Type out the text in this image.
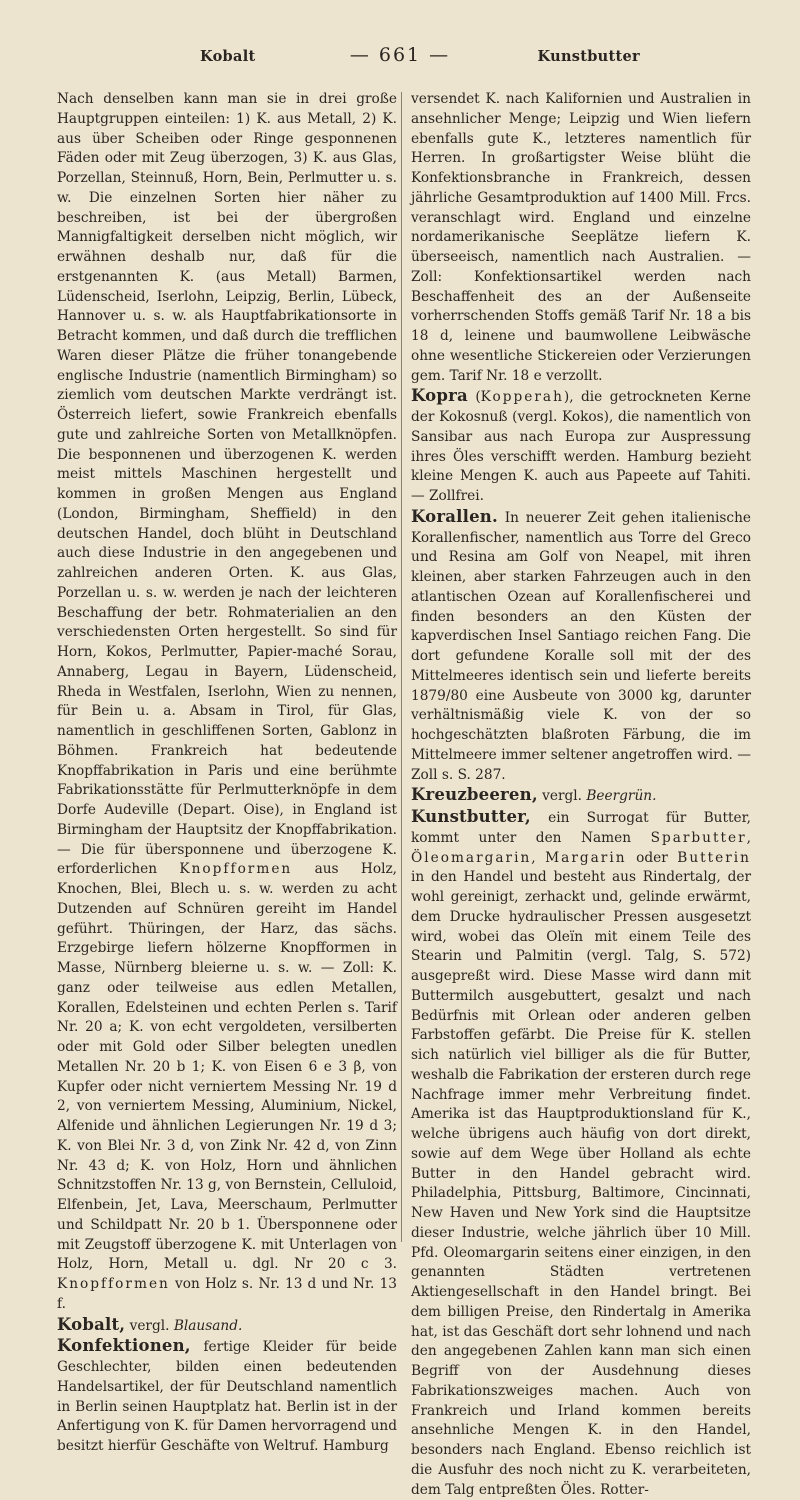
Kobalt	— 661 —	Kunstbutter

Nach denselben kann man sie in drei große Hauptgruppen einteilen: 1) K. aus Metall, 2) K. aus über Scheiben oder Ringe gesponnenen Fäden oder mit Zeug überzogen, 3) K. aus Glas, Porzellan, Steinnuß, Horn, Bein, Perlmutter u. s. w. Die einzelnen Sorten hier näher zu beschreiben, ist bei der übergroßen Mannigfaltigkeit derselben nicht möglich, wir erwähnen deshalb nur, daß für die erstgenannten K. (aus Metall) Barmen, Lüdenscheid, Iserlohn, Leipzig, Berlin, Lübeck, Hannover u. s. w. als Hauptfabrikationsorte in Betracht kommen, und daß durch die trefflichen Waren dieser Plätze die früher tonangebende englische Industrie (namentlich Birmingham) so ziemlich vom deutschen Markte verdrängt ist. Österreich liefert, sowie Frankreich ebenfalls gute und zahlreiche Sorten von Metallknöpfen. Die besponnenen und überzogenen K. werden meist mittels Maschinen hergestellt und kommen in großen Mengen aus England (London, Birmingham, Sheffield) in den deutschen Handel, doch blüht in Deutschland auch diese Industrie in den angegebenen und zahlreichen anderen Orten. K. aus Glas, Porzellan u. s. w. werden je nach der leichteren Beschaffung der betr. Rohmaterialien an den verschiedensten Orten hergestellt. So sind für Horn, Kokos, Perlmutter, Papier-maché Sorau, Annaberg, Legau in Bayern, Lüdenscheid, Rheda in Westfalen, Iserlohn, Wien zu nennen, für Bein u. a. Absam in Tirol, für Glas, namentlich in geschliffenen Sorten, Gablonz in Böhmen. Frankreich hat bedeutende Knopffabrikation in Paris und eine berühmte Fabrikationsstätte für Perlmutterknöpfe in dem Dorfe Audeville (Depart. Oise), in England ist Birmingham der Hauptsitz der Knopffabrikation. — Die für übersponnene und überzogene K. erforderlichen Knopfformen aus Holz, Knochen, Blei, Blech u. s. w. werden zu acht Dutzenden auf Schnüren gereiht im Handel geführt. Thüringen, der Harz, das sächs. Erzgebirge liefern hölzerne Knopfformen in Masse, Nürnberg bleierne u. s. w. — Zoll: K. ganz oder teilweise aus edlen Metallen, Korallen, Edelsteinen und echten Perlen s. Tarif Nr. 20 a; K. von echt vergoldeten, versilberten oder mit Gold oder Silber belegten unedlen Metallen Nr. 20 b 1; K. von Eisen 6 e 3 β, von Kupfer oder nicht verniertem Messing Nr. 19 d 2, von verniertem Messing, Aluminium, Nickel, Alfenide und ähnlichen Legierungen Nr. 19 d 3; K. von Blei Nr. 3 d, von Zink Nr. 42 d, von Zinn Nr. 43 d; K. von Holz, Horn und ähnlichen Schnitzstoffen Nr. 13 g, von Bernstein, Celluloid, Elfenbein, Jet, Lava, Meerschaum, Perlmutter und Schildpatt Nr. 20 b 1. Übersponnene oder mit Zeugstoff überzogene K. mit Unterlagen von Holz, Horn, Metall u. dgl. Nr 20 c 3. Knopfformen von Holz s. Nr. 13 d und Nr. 13 f.

Kobalt, vergl. Blausand.

Konfektionen, fertige Kleider für beide Geschlechter, bilden einen bedeutenden Handelsartikel, der für Deutschland namentlich in Berlin seinen Hauptplatz hat. Berlin ist in der Anfertigung von K. für Damen hervorragend und besitzt hierfür Geschäfte von Weltruf. Hamburg

versendet K. nach Kalifornien und Australien in ansehnlicher Menge; Leipzig und Wien liefern ebenfalls gute K., letzteres namentlich für Herren. In großartigster Weise blüht die Konfektionsbranche in Frankreich, dessen jährliche Gesamtproduktion auf 1400 Mill. Frcs. veranschlagt wird. England und einzelne nordamerikanische Seeplätze liefern K. überseeisch, namentlich nach Australien. — Zoll: Konfektionsartikel werden nach Beschaffenheit des an der Außenseite vorherrschenden Stoffs gemäß Tarif Nr. 18 a bis 18 d, leinene und baumwollene Leibwäsche ohne wesentliche Stickereien oder Verzierungen gem. Tarif Nr. 18 e verzollt.

Kopra (Kopperah), die getrockneten Kerne der Kokosnuß (vergl. Kokos), die namentlich von Sansibar aus nach Europa zur Auspressung ihres Öles verschifft werden. Hamburg bezieht kleine Mengen K. auch aus Papeete auf Tahiti. — Zollfrei.

Korallen. In neuerer Zeit gehen italienische Korallenfischer, namentlich aus Torre del Greco und Resina am Golf von Neapel, mit ihren kleinen, aber starken Fahrzeugen auch in den atlantischen Ozean auf Korallenfischerei und finden besonders an den Küsten der kapverdischen Insel Santiago reichen Fang. Die dort gefundene Koralle soll mit der des Mittelmeeres identisch sein und lieferte bereits 1879/80 eine Ausbeute von 3000 kg, darunter verhältnismäßig viele K. von der so hochgeschätzten blaßroten Färbung, die im Mittelmeere immer seltener angetroffen wird. — Zoll s. S. 287.

Kreuzbeeren, vergl. Beergrün.

Kunstbutter, ein Surrogat für Butter, kommt unter den Namen Sparbutter, Öleomargarin, Margarin oder Butterin in den Handel und besteht aus Rindertalg, der wohl gereinigt, zerhackt und, gelinde erwärmt, dem Drucke hydraulischer Pressen ausgesetzt wird, wobei das Oleïn mit einem Teile des Stearin und Palmitin (vergl. Talg, S. 572) ausgepreßt wird. Diese Masse wird dann mit Buttermilch ausgebuttert, gesalzt und nach Bedürfnis mit Orlean oder anderen gelben Farbstoffen gefärbt. Die Preise für K. stellen sich natürlich viel billiger als die für Butter, weshalb die Fabrikation der ersteren durch rege Nachfrage immer mehr Verbreitung findet. Amerika ist das Hauptproduktionsland für K., welche übrigens auch häufig von dort direkt, sowie auf dem Wege über Holland als echte Butter in den Handel gebracht wird. Philadelphia, Pittsburg, Baltimore, Cincinnati, New Haven und New York sind die Hauptsitze dieser Industrie, welche jährlich über 10 Mill. Pfd. Oleomargarin seitens einer einzigen, in den genannten Städten vertretenen Aktiengesellschaft in den Handel bringt. Bei dem billigen Preise, den Rindertalg in Amerika hat, ist das Geschäft dort sehr lohnend und nach den angegebenen Zahlen kann man sich einen Begriff von der Ausdehnung dieses Fabrikationszweiges machen. Auch von Frankreich und Irland kommen bereits ansehnliche Mengen K. in den Handel, besonders nach England. Ebenso reichlich ist die Ausfuhr des noch nicht zu K. verarbeiteten, dem Talg entpreßten Öles. Rotter-
